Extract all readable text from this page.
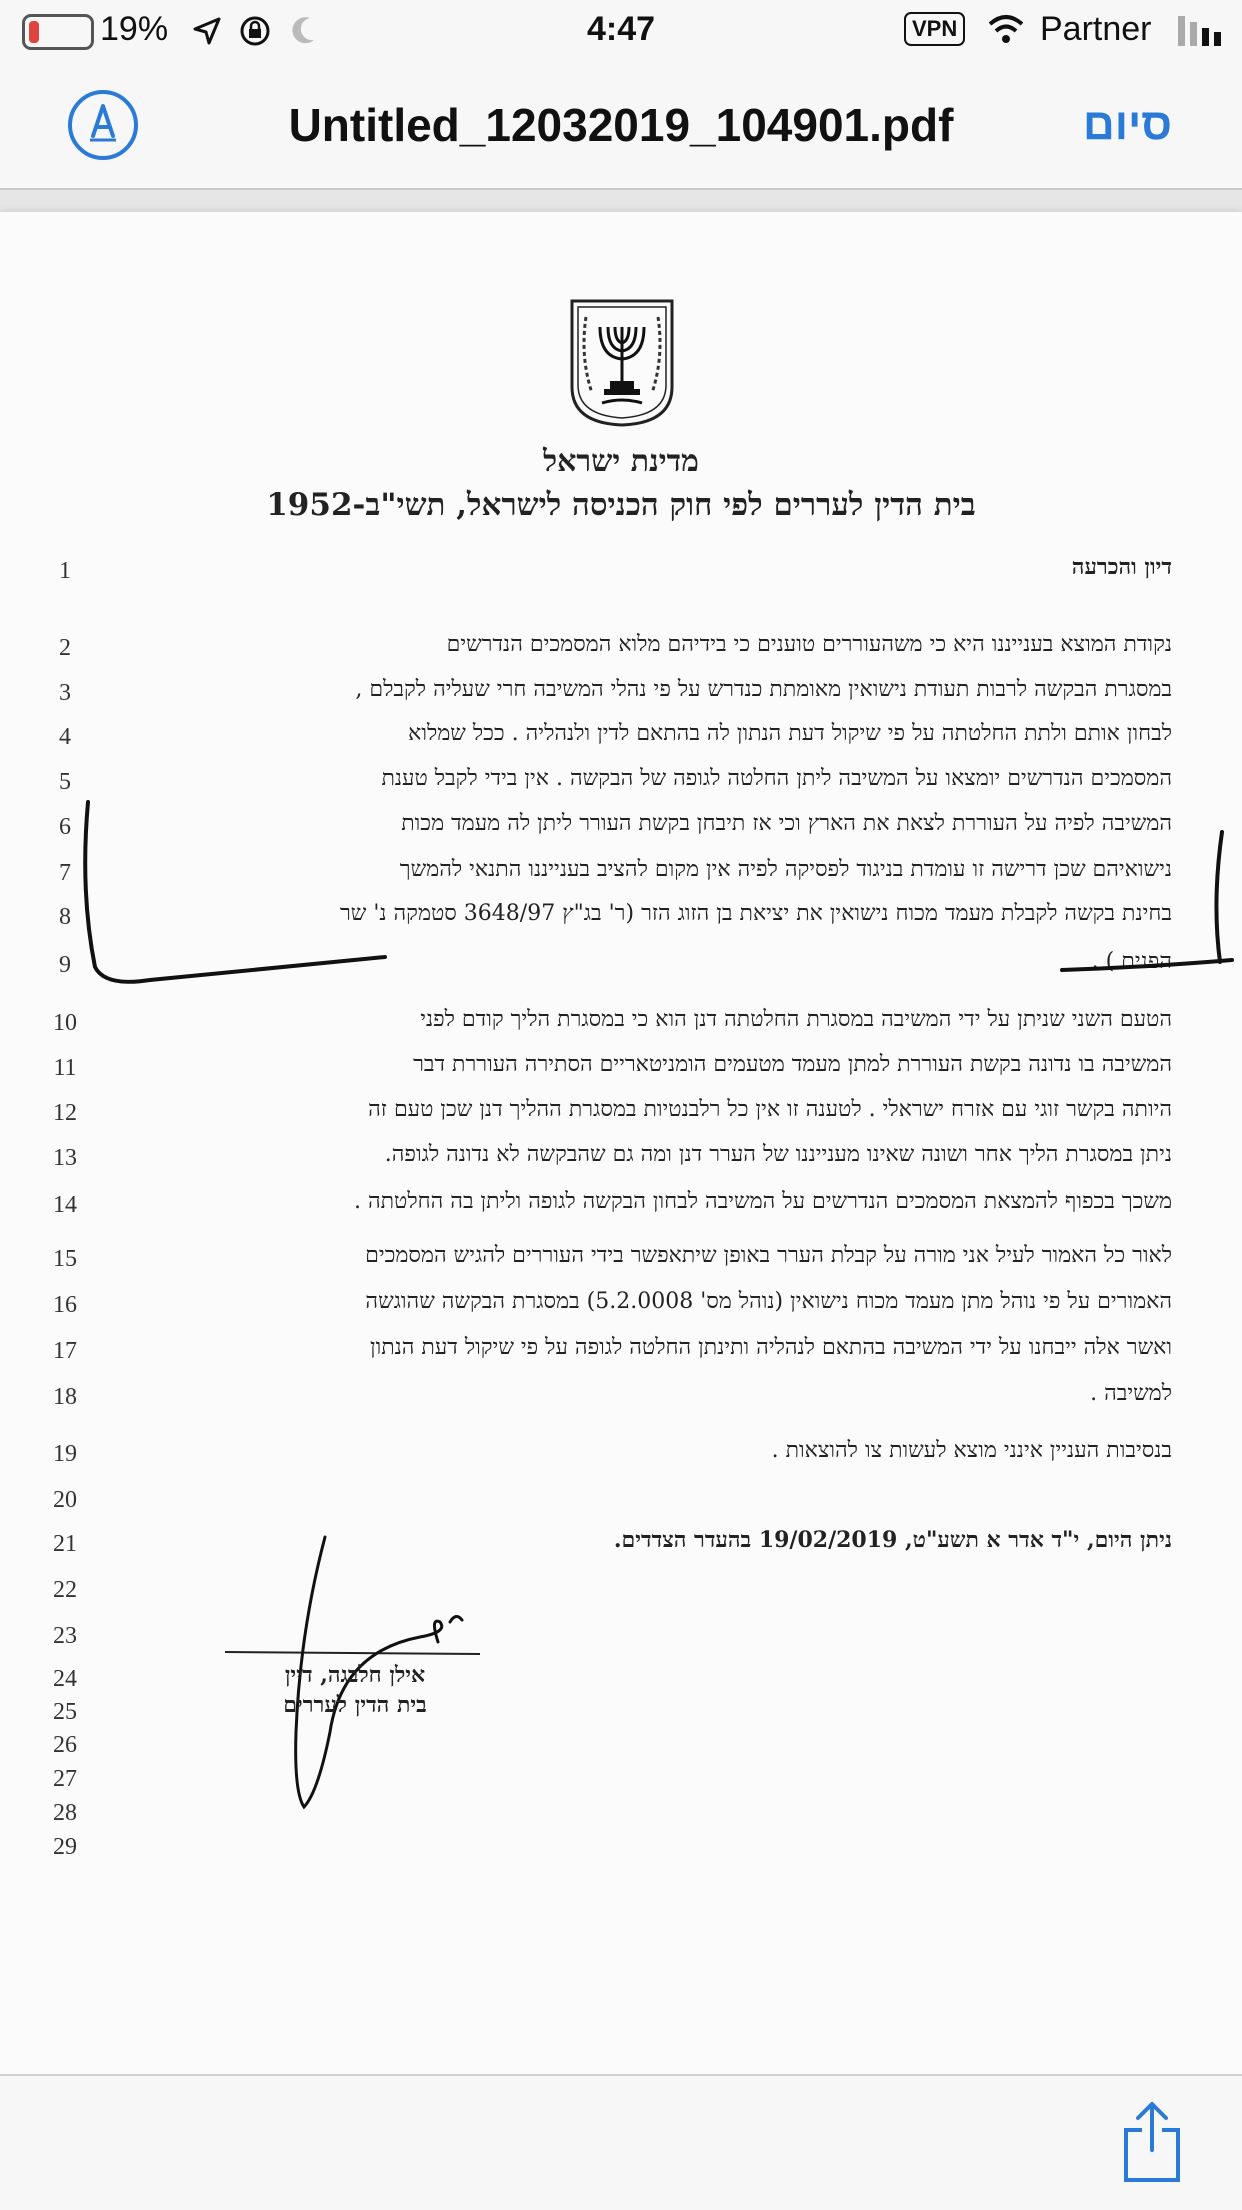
19%	4:47	VPN Partner
Untitled_12032019_104901.pdf	סיום
מדינת ישראל
בית הדין לעררים לפי חוק הכניסה לישראל, תשי"ב-1952
1	דיון והכרעה
2	נקודת המוצא בענייננו היא כי משהעוררים טוענים כי בידיהם מלוא המסמכים הנדרשים
3	במסגרת הבקשה לרבות תעודת נישואין מאומתת כנדרש על פי נהלי המשיבה חרי שעליה לקבלם ,
4	לבחון אותם ולתת החלטתה על פי שיקול דעת הנתון לה בהתאם לדין ולנהליה . ככל שמלוא
5	המסמכים הנדרשים יומצאו על המשיבה ליתן החלטה לגופה של הבקשה . אין בידי לקבל טענת
6	המשיבה לפיה על העוררת לצאת את הארץ וכי אז תיבחן בקשת העורר ליתן לה מעמד מכות
7	נישואיהם שכן דרישה זו עומדת בניגוד לפסיקה לפיה אין מקום להציב בענייננו התנאי להמשך
8	בחינת בקשה לקבלת מעמד מכוח נישואין את יציאת בן הזוג הזר (ר' בג"ץ 3648/97 סטמקה נ' שר
9	הפנים ) .
10	הטעם השני שניתן על ידי המשיבה במסגרת החלטתה דנן הוא כי במסגרת הליך קודם לפני
11	המשיבה בו נדונה בקשת העוררת למתן מעמד מטעמים הומניטאריים הסתירה העוררת דבר
12	היותה בקשר זוגי עם אזרח ישראלי . לטענה זו אין כל רלבנטיות במסגרת ההליך דנן שכן טעם זה
13	ניתן במסגרת הליך אחר ושונה שאינו מענייננו של הערר דנן ומה גם שהבקשה לא נדונה לגופה.
14	משכך בכפוף להמצאת המסמכים הנדרשים על המשיבה לבחון הבקשה לגופה וליתן בה החלטתה .
15	לאור כל האמור לעיל אני מורה על קבלת הערר באופן שיתאפשר בידי העוררים להגיש המסמכים
16	האמורים על פי נוהל מתן מעמד מכוח נישואין (נוהל מס' 5.2.0008) במסגרת הבקשה שהוגשה
17	ואשר אלה ייבחנו על ידי המשיבה בהתאם לנהליה ותינתן החלטה לגופה על פי שיקול דעת הנתון
18	למשיבה .
19	בנסיבות העניין אינני מוצא לעשות צו להוצאות .
20
21	ניתן היום, י"ד אדר א תשע"ט, 19/02/2019 בהעדר הצדדים.
22
23
24
25
26
27
28
29
אילן חלבגה, דיין
בית הדין לעררים
